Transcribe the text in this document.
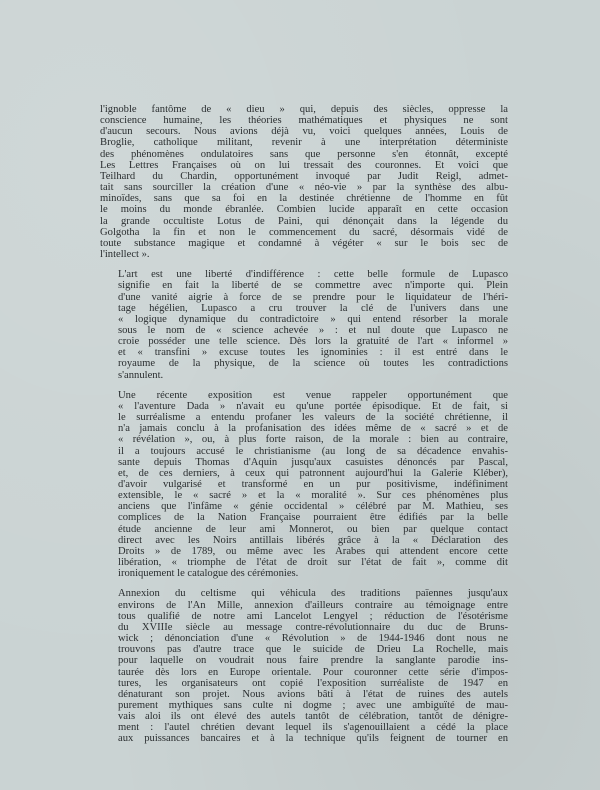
l'ignoble fantôme de « dieu » qui, depuis des siècles, oppresse la
conscience humaine, les théories mathématiques et physiques ne sont
d'aucun secours. Nous avions déjà vu, voici quelques années, Louis de
Broglie, catholique militant, revenir à une interprétation déterministe
des phénomènes ondulatoires sans que personne s'en étonnât, excepté
Les Lettres Françaises où on lui tressait des couronnes. Et voici que
Teilhard du Chardin, opportunément invoqué par Judit Reigl, admet-
tait sans sourciller la création d'une « néo-vie » par la synthèse des albu-
minoïdes, sans que sa foi en la destinée chrétienne de l'homme en fût
le moins du monde ébranlée. Combien lucide apparaît en cette occasion
la grande occultiste Lotus de Paini, qui dénonçait dans la légende du
Golgotha la fin et non le commencement du sacré, désormais vidé de
toute substance magique et condamné à végéter « sur le bois sec de
l'intellect ».
L'art est une liberté d'indifférence : cette belle formule de Lupasco
signifie en fait la liberté de se commettre avec n'importe qui. Plein
d'une vanité aigrie à force de se prendre pour le liquidateur de l'héri-
tage hégélien, Lupasco a cru trouver la clé de l'univers dans une
« logique dynamique du contradictoire » qui entend résorber la morale
sous le nom de « science achevée » : et nul doute que Lupasco ne
croie posséder une telle science. Dès lors la gratuité de l'art « informel »
et « transfini » excuse toutes les ignominies : il est entré dans le
royaume de la physique, de la science où toutes les contradictions
s'annulent.
Une récente exposition est venue rappeler opportunément que
« l'aventure Dada » n'avait eu qu'une portée épisodique. Et de fait, si
le surréalisme a entendu profaner les valeurs de la société chrétienne, il
n'a jamais conclu à la profanisation des idées même de « sacré » et de
« révélation », ou, à plus forte raison, de la morale : bien au contraire,
il a toujours accusé le christianisme (au long de sa décadence envahis-
sante depuis Thomas d'Aquin jusqu'aux casuistes dénoncés par Pascal,
et, de ces derniers, à ceux qui patronnent aujourd'hui la Galerie Kléber),
d'avoir vulgarisé et transformé en un pur positivisme, indéfiniment
extensible, le « sacré » et la « moralité ». Sur ces phénomènes plus
anciens que l'infâme « génie occidental » célébré par M. Mathieu, ses
complices de la Nation Française pourraient être édifiés par la belle
étude ancienne de leur ami Monnerot, ou bien par quelque contact
direct avec les Noirs antillais libérés grâce à la « Déclaration des
Droits » de 1789, ou même avec les Arabes qui attendent encore cette
libération, « triomphe de l'état de droit sur l'état de fait », comme dit
ironiquement le catalogue des cérémonies.
Annexion du celtisme qui véhicula des traditions païennes jusqu'aux
environs de l'An Mille, annexion d'ailleurs contraire au témoignage entre
tous qualifié de notre ami Lancelot Lengyel ; réduction de l'ésotérisme
du XVIIIe siècle au message contre-révolutionnaire du duc de Bruns-
wick ; dénonciation d'une « Révolution » de 1944-1946 dont nous ne
trouvons pas d'autre trace que le suicide de Drieu La Rochelle, mais
pour laquelle on voudrait nous faire prendre la sanglante parodie ins-
taurée dès lors en Europe orientale. Pour couronner cette série d'impos-
tures, les organisateurs ont copié l'exposition surréaliste de 1947 en
dénaturant son projet. Nous avions bâti à l'état de ruines des autels
purement mythiques sans culte ni dogme ; avec une ambiguïté de mau-
vais aloi ils ont élevé des autels tantôt de célébration, tantôt de dénigre-
ment : l'autel chrétien devant lequel ils s'agenouillaient a cédé la place
aux puissances bancaires et à la technique qu'ils feignent de tourner en
